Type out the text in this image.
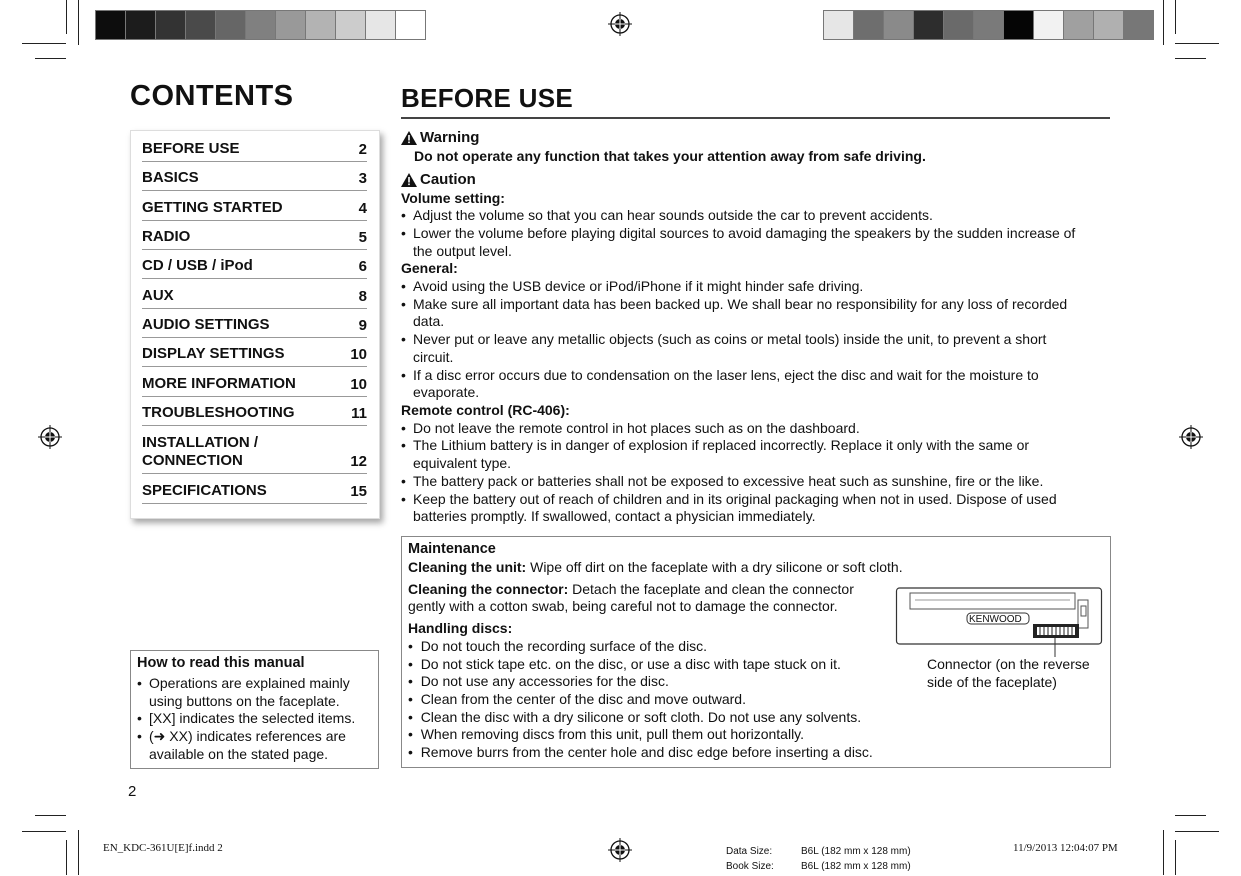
CONTENTS
BEFORE USE	2
BASICS	3
GETTING STARTED	4
RADIO	5
CD / USB / iPod	6
AUX	8
AUDIO SETTINGS	9
DISPLAY SETTINGS	10
MORE INFORMATION	10
TROUBLESHOOTING	11
INSTALLATION /
CONNECTION	12
SPECIFICATIONS	15
How to read this manual
• Operations are explained mainly
using buttons on the faceplate.
• [XX] indicates the selected items.
• (➜ XX) indicates references are
available on the stated page.
2
BEFORE USE
Warning
Do not operate any function that takes your attention away from safe driving.
Caution
Volume setting:
• Adjust the volume so that you can hear sounds outside the car to prevent accidents.
• Lower the volume before playing digital sources to avoid damaging the speakers by the sudden increase of
the output level.
General:
• Avoid using the USB device or iPod/iPhone if it might hinder safe driving.
• Make sure all important data has been backed up. We shall bear no responsibility for any loss of recorded
data.
• Never put or leave any metallic objects (such as coins or metal tools) inside the unit, to prevent a short
circuit.
• If a disc error occurs due to condensation on the laser lens, eject the disc and wait for the moisture to
evaporate.
Remote control (RC-406):
• Do not leave the remote control in hot places such as on the dashboard.
• The Lithium battery is in danger of explosion if replaced incorrectly. Replace it only with the same or
equivalent type.
• The battery pack or batteries shall not be exposed to excessive heat such as sunshine, fire or the like.
• Keep the battery out of reach of children and in its original packaging when not in used. Dispose of used
batteries promptly. If swallowed, contact a physician immediately.
Maintenance
Cleaning the unit: Wipe off dirt on the faceplate with a dry silicone or soft cloth.
Cleaning the connector: Detach the faceplate and clean the connector
gently with a cotton swab, being careful not to damage the connector.
Handling discs:
•  Do not touch the recording surface of the disc.
•  Do not stick tape etc. on the disc, or use a disc with tape stuck on it.
•  Do not use any accessories for the disc.
•  Clean from the center of the disc and move outward.
•  Clean the disc with a dry silicone or soft cloth. Do not use any solvents.
•  When removing discs from this unit, pull them out horizontally.
•  Remove burrs from the center hole and disc edge before inserting a disc.
KENWOOD
Connector (on the reverse
side of the faceplate)
EN_KDC-361U[E]f.indd 2	Data Size:	B6L (182 mm x 128 mm)
Book Size:	B6L (182 mm x 128 mm)
11/9/2013 12:04:07 PM
